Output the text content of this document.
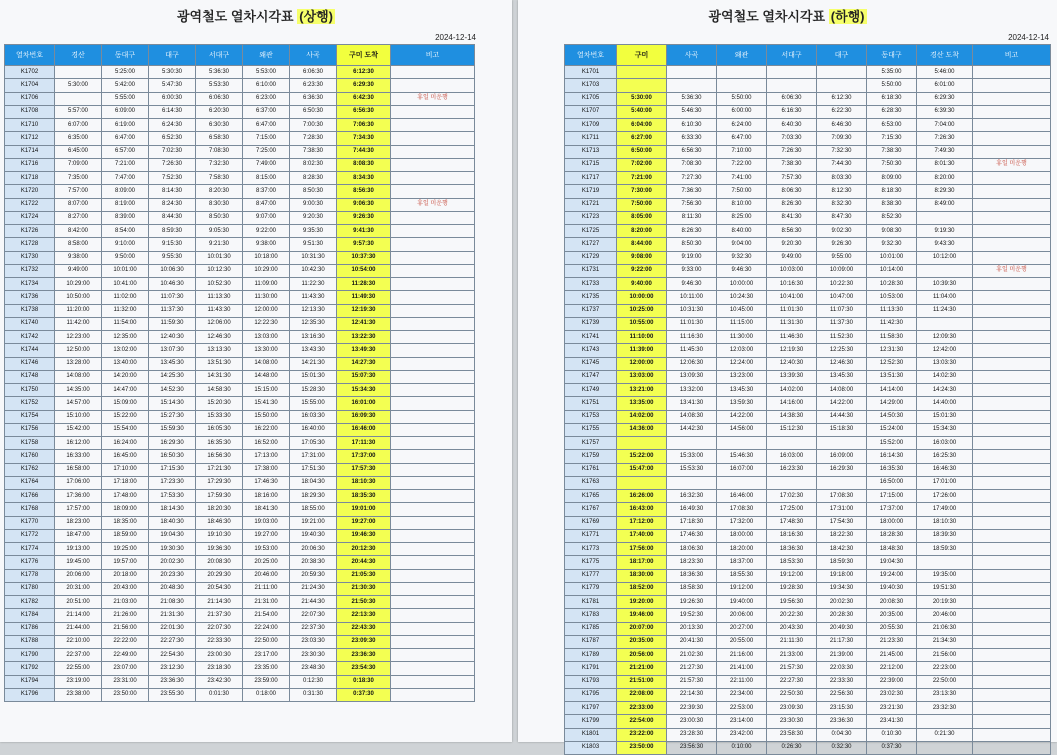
광역철도 열차시각표 (상행)
2024-12-14
열차번호	경산	동대구	대구	서대구	왜관	사곡	구미 도착	비고
K1702		5:25:00	5:30:30	5:36:30	5:53:00	6:06:30	6:12:30	
K1704	5:30:00	5:42:00	5:47:30	5:53:30	6:10:00	6:23:30	6:29:30	
K1706		5:55:00	6:00:30	6:06:30	6:23:00	6:36:30	6:42:30	휴일 미운행
K1708	5:57:00	6:09:00	6:14:30	6:20:30	6:37:00	6:50:30	6:56:30	
K1710	6:07:00	6:19:00	6:24:30	6:30:30	6:47:00	7:00:30	7:06:30	
K1712	6:35:00	6:47:00	6:52:30	6:58:30	7:15:00	7:28:30	7:34:30	
K1714	6:45:00	6:57:00	7:02:30	7:08:30	7:25:00	7:38:30	7:44:30	
K1716	7:09:00	7:21:00	7:26:30	7:32:30	7:49:00	8:02:30	8:08:30	
K1718	7:35:00	7:47:00	7:52:30	7:58:30	8:15:00	8:28:30	8:34:30	
K1720	7:57:00	8:09:00	8:14:30	8:20:30	8:37:00	8:50:30	8:56:30	
K1722	8:07:00	8:19:00	8:24:30	8:30:30	8:47:00	9:00:30	9:06:30	휴일 미운행
K1724	8:27:00	8:39:00	8:44:30	8:50:30	9:07:00	9:20:30	9:26:30	
K1726	8:42:00	8:54:00	8:59:30	9:05:30	9:22:00	9:35:30	9:41:30	
K1728	8:58:00	9:10:00	9:15:30	9:21:30	9:38:00	9:51:30	9:57:30	
K1730	9:38:00	9:50:00	9:55:30	10:01:30	10:18:00	10:31:30	10:37:30	
K1732	9:49:00	10:01:00	10:06:30	10:12:30	10:29:00	10:42:30	10:54:00	
K1734	10:29:00	10:41:00	10:46:30	10:52:30	11:09:00	11:22:30	11:28:30	
K1736	10:50:00	11:02:00	11:07:30	11:13:30	11:30:00	11:43:30	11:49:30	
K1738	11:20:00	11:32:00	11:37:30	11:43:30	12:00:00	12:13:30	12:19:30	
K1740	11:42:00	11:54:00	11:59:30	12:06:00	12:22:30	12:35:30	12:41:30	
K1742	12:23:00	12:35:00	12:40:30	12:46:30	13:03:00	13:16:30	13:22:30	
K1744	12:50:00	13:02:00	13:07:30	13:13:30	13:30:00	13:43:30	13:49:30	
K1746	13:28:00	13:40:00	13:45:30	13:51:30	14:08:00	14:21:30	14:27:30	
K1748	14:08:00	14:20:00	14:25:30	14:31:30	14:48:00	15:01:30	15:07:30	
K1750	14:35:00	14:47:00	14:52:30	14:58:30	15:15:00	15:28:30	15:34:30	
K1752	14:57:00	15:09:00	15:14:30	15:20:30	15:41:30	15:55:00	16:01:00	
K1754	15:10:00	15:22:00	15:27:30	15:33:30	15:50:00	16:03:30	16:09:30	
K1756	15:42:00	15:54:00	15:59:30	16:05:30	16:22:00	16:40:00	16:46:00	
K1758	16:12:00	16:24:00	16:29:30	16:35:30	16:52:00	17:05:30	17:11:30	
K1760	16:33:00	16:45:00	16:50:30	16:56:30	17:13:00	17:31:00	17:37:00	
K1762	16:58:00	17:10:00	17:15:30	17:21:30	17:38:00	17:51:30	17:57:30	
K1764	17:06:00	17:18:00	17:23:30	17:29:30	17:46:30	18:04:30	18:10:30	
K1766	17:36:00	17:48:00	17:53:30	17:59:30	18:16:00	18:29:30	18:35:30	
K1768	17:57:00	18:09:00	18:14:30	18:20:30	18:41:30	18:55:00	19:01:00	
K1770	18:23:00	18:35:00	18:40:30	18:46:30	19:03:00	19:21:00	19:27:00	
K1772	18:47:00	18:59:00	19:04:30	19:10:30	19:27:00	19:40:30	19:46:30	
K1774	19:13:00	19:25:00	19:30:30	19:36:30	19:53:00	20:06:30	20:12:30	
K1776	19:45:00	19:57:00	20:02:30	20:08:30	20:25:00	20:38:30	20:44:30	
K1778	20:06:00	20:18:00	20:23:30	20:29:30	20:46:00	20:59:30	21:05:30	
K1780	20:31:00	20:43:00	20:48:30	20:54:30	21:11:00	21:24:30	21:30:30	
K1782	20:51:00	21:03:00	21:08:30	21:14:30	21:31:00	21:44:30	21:50:30	
K1784	21:14:00	21:26:00	21:31:30	21:37:30	21:54:00	22:07:30	22:13:30	
K1786	21:44:00	21:56:00	22:01:30	22:07:30	22:24:00	22:37:30	22:43:30	
K1788	22:10:00	22:22:00	22:27:30	22:33:30	22:50:00	23:03:30	23:09:30	
K1790	22:37:00	22:49:00	22:54:30	23:00:30	23:17:00	23:30:30	23:36:30	
K1792	22:55:00	23:07:00	23:12:30	23:18:30	23:35:00	23:48:30	23:54:30	
K1794	23:19:00	23:31:00	23:36:30	23:42:30	23:59:00	0:12:30	0:18:30	
K1796	23:38:00	23:50:00	23:55:30	0:01:30	0:18:00	0:31:30	0:37:30	
광역철도 열차시각표 (하행)
2024-12-14
열차번호	구미	사곡	왜관	서대구	대구	동대구	경산 도착	비고
K1701						5:35:00	5:46:00	
K1703						5:50:00	6:01:00	
K1705	5:30:00	5:36:30	5:50:00	6:06:30	6:12:30	6:18:30	6:29:30	
K1707	5:40:00	5:46:30	6:00:00	6:16:30	6:22:30	6:28:30	6:39:30	
K1709	6:04:00	6:10:30	6:24:00	6:40:30	6:46:30	6:53:00	7:04:00	
K1711	6:27:00	6:33:30	6:47:00	7:03:30	7:09:30	7:15:30	7:26:30	
K1713	6:50:00	6:56:30	7:10:00	7:26:30	7:32:30	7:38:30	7:49:30	
K1715	7:02:00	7:08:30	7:22:00	7:38:30	7:44:30	7:50:30	8:01:30	휴일 미운행
K1717	7:21:00	7:27:30	7:41:00	7:57:30	8:03:30	8:09:00	8:20:00	
K1719	7:30:00	7:36:30	7:50:00	8:06:30	8:12:30	8:18:30	8:29:30	
K1721	7:50:00	7:56:30	8:10:00	8:26:30	8:32:30	8:38:30	8:49:00	
K1723	8:05:00	8:11:30	8:25:00	8:41:30	8:47:30	8:52:30		
K1725	8:20:00	8:26:30	8:40:00	8:56:30	9:02:30	9:08:30	9:19:30	
K1727	8:44:00	8:50:30	9:04:00	9:20:30	9:26:30	9:32:30	9:43:30	
K1729	9:08:00	9:19:00	9:32:30	9:49:00	9:55:00	10:01:00	10:12:00	
K1731	9:22:00	9:33:00	9:46:30	10:03:00	10:09:00	10:14:00		휴일 미운행
K1733	9:40:00	9:46:30	10:00:00	10:16:30	10:22:30	10:28:30	10:39:30	
K1735	10:00:00	10:11:00	10:24:30	10:41:00	10:47:00	10:53:00	11:04:00	
K1737	10:25:00	10:31:30	10:45:00	11:01:30	11:07:30	11:13:30	11:24:30	
K1739	10:55:00	11:01:30	11:15:00	11:31:30	11:37:30	11:42:30		
K1741	11:10:00	11:16:30	11:30:00	11:46:30	11:52:30	11:58:30	12:09:30	
K1743	11:39:00	11:45:30	12:03:00	12:19:30	12:25:30	12:31:30	12:42:00	
K1745	12:00:00	12:06:30	12:24:00	12:40:30	12:46:30	12:52:30	13:03:30	
K1747	13:03:00	13:09:30	13:23:00	13:39:30	13:45:30	13:51:30	14:02:30	
K1749	13:21:00	13:32:00	13:45:30	14:02:00	14:08:00	14:14:00	14:24:30	
K1751	13:35:00	13:41:30	13:59:30	14:16:00	14:22:00	14:29:00	14:40:00	
K1753	14:02:00	14:08:30	14:22:00	14:38:30	14:44:30	14:50:30	15:01:30	
K1755	14:36:00	14:42:30	14:56:00	15:12:30	15:18:30	15:24:00	15:34:30	
K1757						15:52:00	16:03:00	
K1759	15:22:00	15:33:00	15:46:30	16:03:00	16:09:00	16:14:30	16:25:30	
K1761	15:47:00	15:53:30	16:07:00	16:23:30	16:29:30	16:35:30	16:46:30	
K1763						16:50:00	17:01:00	
K1765	16:26:00	16:32:30	16:46:00	17:02:30	17:08:30	17:15:00	17:26:00	
K1767	16:43:00	16:49:30	17:08:30	17:25:00	17:31:00	17:37:00	17:49:00	
K1769	17:12:00	17:18:30	17:32:00	17:48:30	17:54:30	18:00:00	18:10:30	
K1771	17:40:00	17:46:30	18:00:00	18:16:30	18:22:30	18:28:30	18:39:30	
K1773	17:56:00	18:06:30	18:20:00	18:36:30	18:42:30	18:48:30	18:59:30	
K1775	18:17:00	18:23:30	18:37:00	18:53:30	18:59:30	19:04:30		
K1777	18:30:00	18:36:30	18:55:30	19:12:00	19:18:00	19:24:00	19:35:00	
K1779	18:52:00	18:58:30	19:12:00	19:28:30	19:34:30	19:40:30	19:51:30	
K1781	19:20:00	19:26:30	19:40:00	19:56:30	20:02:30	20:08:30	20:19:30	
K1783	19:46:00	19:52:30	20:06:00	20:22:30	20:28:30	20:35:00	20:46:00	
K1785	20:07:00	20:13:30	20:27:00	20:43:30	20:49:30	20:55:30	21:06:30	
K1787	20:35:00	20:41:30	20:55:00	21:11:30	21:17:30	21:23:30	21:34:30	
K1789	20:56:00	21:02:30	21:16:00	21:33:00	21:39:00	21:45:00	21:56:00	
K1791	21:21:00	21:27:30	21:41:00	21:57:30	22:03:30	22:12:00	22:23:00	
K1793	21:51:00	21:57:30	22:11:00	22:27:30	22:33:30	22:39:00	22:50:00	
K1795	22:08:00	22:14:30	22:34:00	22:50:30	22:56:30	23:02:30	23:13:30	
K1797	22:33:00	22:39:30	22:53:00	23:09:30	23:15:30	23:21:30	23:32:30	
K1799	22:54:00	23:00:30	23:14:00	23:30:30	23:36:30	23:41:30		
K1801	23:22:00	23:28:30	23:42:00	23:58:30	0:04:30	0:10:30	0:21:30	
K1803	23:50:00	23:56:30	0:10:00	0:26:30	0:32:30	0:37:30		
